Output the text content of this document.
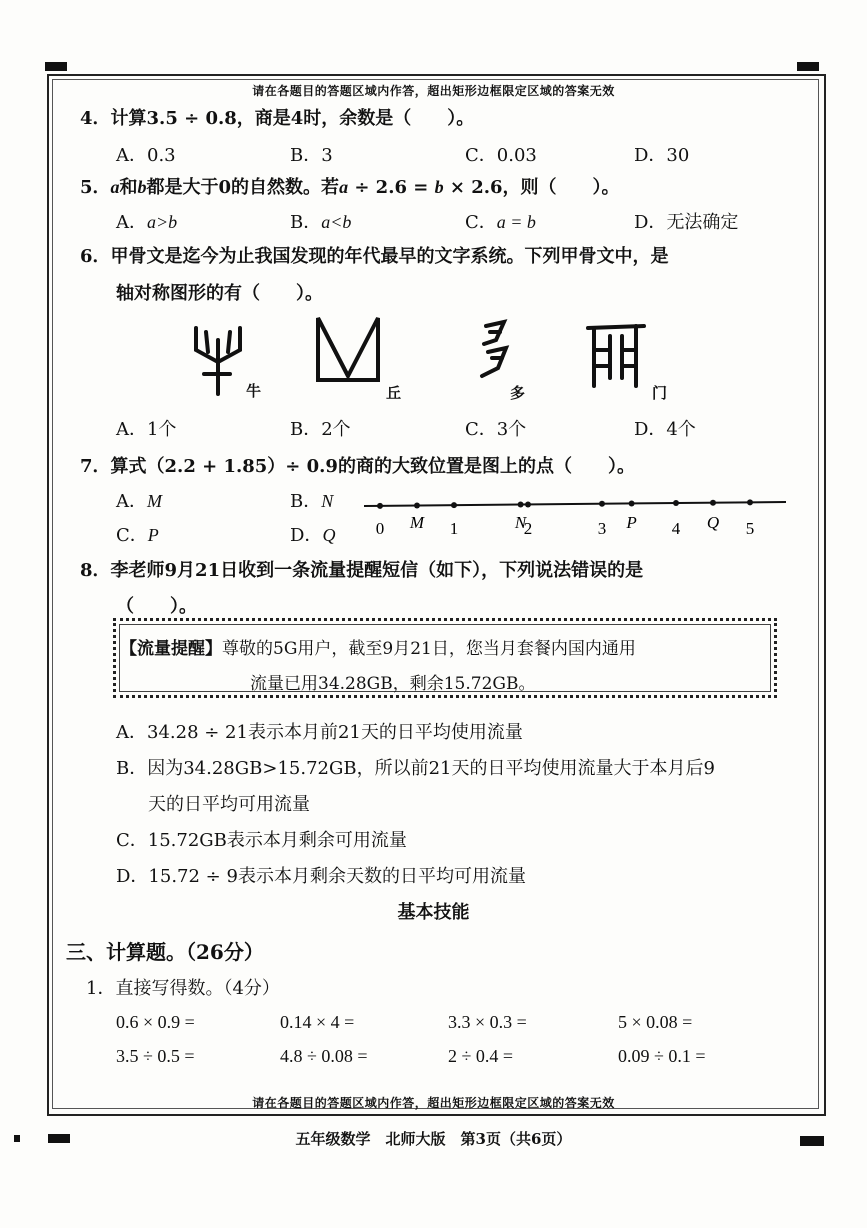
请在各题目的答题区域内作答，超出矩形边框限定区域的答案无效
4．计算3.5 ÷ 0.8，商是4时，余数是（　　）。
A．0.3	B．3	C．0.03	D．30
5．a和b都是大于0的自然数。若a ÷ 2.6 = b × 2.6，则（　　）。
A．a>b	B．a<b	C．a = b	D．无法确定
6．甲骨文是迄今为止我国发现的年代最早的文字系统。下列甲骨文中，是
轴对称图形的有（　　）。
牛	丘	多	门
A．1个	B．2个	C．3个	D．4个
7．算式（2.2 + 1.85）÷ 0.9的商的大致位置是图上的点（　　）。
A．M	B．N
C．P	D．Q 0	1	2	3	4	5
M	N	P	Q
8．李老师9月21日收到一条流量提醒短信（如下），下列说法错误的是
（　　）。
【流量提醒】尊敬的5G用户，截至9月21日，您当月套餐内国内通用
流量已用34.28GB，剩余15.72GB。
A．34.28 ÷ 21表示本月前21天的日平均使用流量
B．因为34.28GB>15.72GB，所以前21天的日平均使用流量大于本月后9
天的日平均可用流量
C．15.72GB表示本月剩余可用流量
D．15.72 ÷ 9表示本月剩余天数的日平均可用流量
基本技能
三、计算题。（26分）
1．直接写得数。（4分）
0.6 × 0.9 =	0.14 × 4 =	3.3 × 0.3 =	5 × 0.08 =
3.5 ÷ 0.5 =	4.8 ÷ 0.08 =	2 ÷ 0.4 =	0.09 ÷ 0.1 =
请在各题目的答题区域内作答，超出矩形边框限定区域的答案无效
五年级数学　北师大版　第3页（共6页）
